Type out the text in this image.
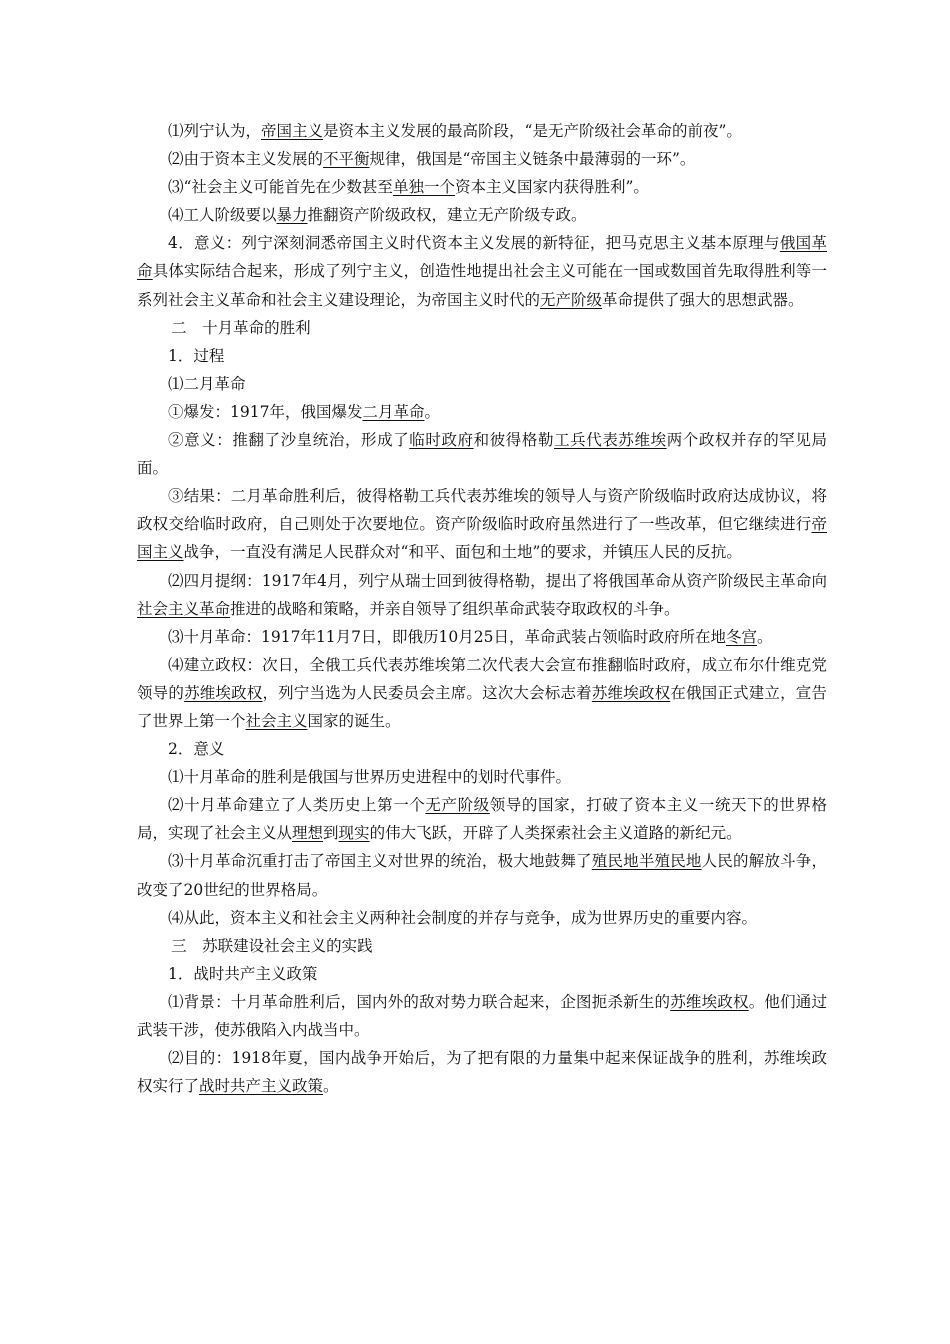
⑴列宁认为，帝国主义是资本主义发展的最高阶段，“是无产阶级社会革命的前夜”。

⑵由于资本主义发展的不平衡规律，俄国是“帝国主义链条中最薄弱的一环”。

⑶“社会主义可能首先在少数甚至单独一个资本主义国家内获得胜利”。

⑷工人阶级要以暴力推翻资产阶级政权，建立无产阶级专政。

4．意义：列宁深刻洞悉帝国主义时代资本主义发展的新特征，把马克思主义基本原理与俄国革命具体实际结合起来，形成了列宁主义，创造性地提出社会主义可能在一国或数国首先取得胜利等一系列社会主义革命和社会主义建设理论，为帝国主义时代的无产阶级革命提供了强大的思想武器。

二　十月革命的胜利

1．过程

⑴二月革命

①爆发：1917年，俄国爆发二月革命。

②意义：推翻了沙皇统治，形成了临时政府和彼得格勒工兵代表苏维埃两个政权并存的罕见局面。

③结果：二月革命胜利后，彼得格勒工兵代表苏维埃的领导人与资产阶级临时政府达成协议，将政权交给临时政府，自己则处于次要地位。资产阶级临时政府虽然进行了一些改革，但它继续进行帝国主义战争，一直没有满足人民群众对“和平、面包和土地”的要求，并镇压人民的反抗。

⑵四月提纲：1917年4月，列宁从瑞士回到彼得格勒，提出了将俄国革命从资产阶级民主革命向社会主义革命推进的战略和策略，并亲自领导了组织革命武装夺取政权的斗争。

⑶十月革命：1917年11月7日，即俄历10月25日，革命武装占领临时政府所在地冬宫。

⑷建立政权：次日，全俄工兵代表苏维埃第二次代表大会宣布推翻临时政府，成立布尔什维克党领导的苏维埃政权，列宁当选为人民委员会主席。这次大会标志着苏维埃政权在俄国正式建立，宣告了世界上第一个社会主义国家的诞生。

2．意义

⑴十月革命的胜利是俄国与世界历史进程中的划时代事件。

⑵十月革命建立了人类历史上第一个无产阶级领导的国家，打破了资本主义一统天下的世界格局，实现了社会主义从理想到现实的伟大飞跃，开辟了人类探索社会主义道路的新纪元。

⑶十月革命沉重打击了帝国主义对世界的统治，极大地鼓舞了殖民地半殖民地人民的解放斗争，改变了20世纪的世界格局。

⑷从此，资本主义和社会主义两种社会制度的并存与竞争，成为世界历史的重要内容。

三　苏联建设社会主义的实践

1．战时共产主义政策

⑴背景：十月革命胜利后，国内外的敌对势力联合起来，企图扼杀新生的苏维埃政权。他们通过武装干涉，使苏俄陷入内战当中。

⑵目的：1918年夏，国内战争开始后，为了把有限的力量集中起来保证战争的胜利，苏维埃政权实行了战时共产主义政策。
